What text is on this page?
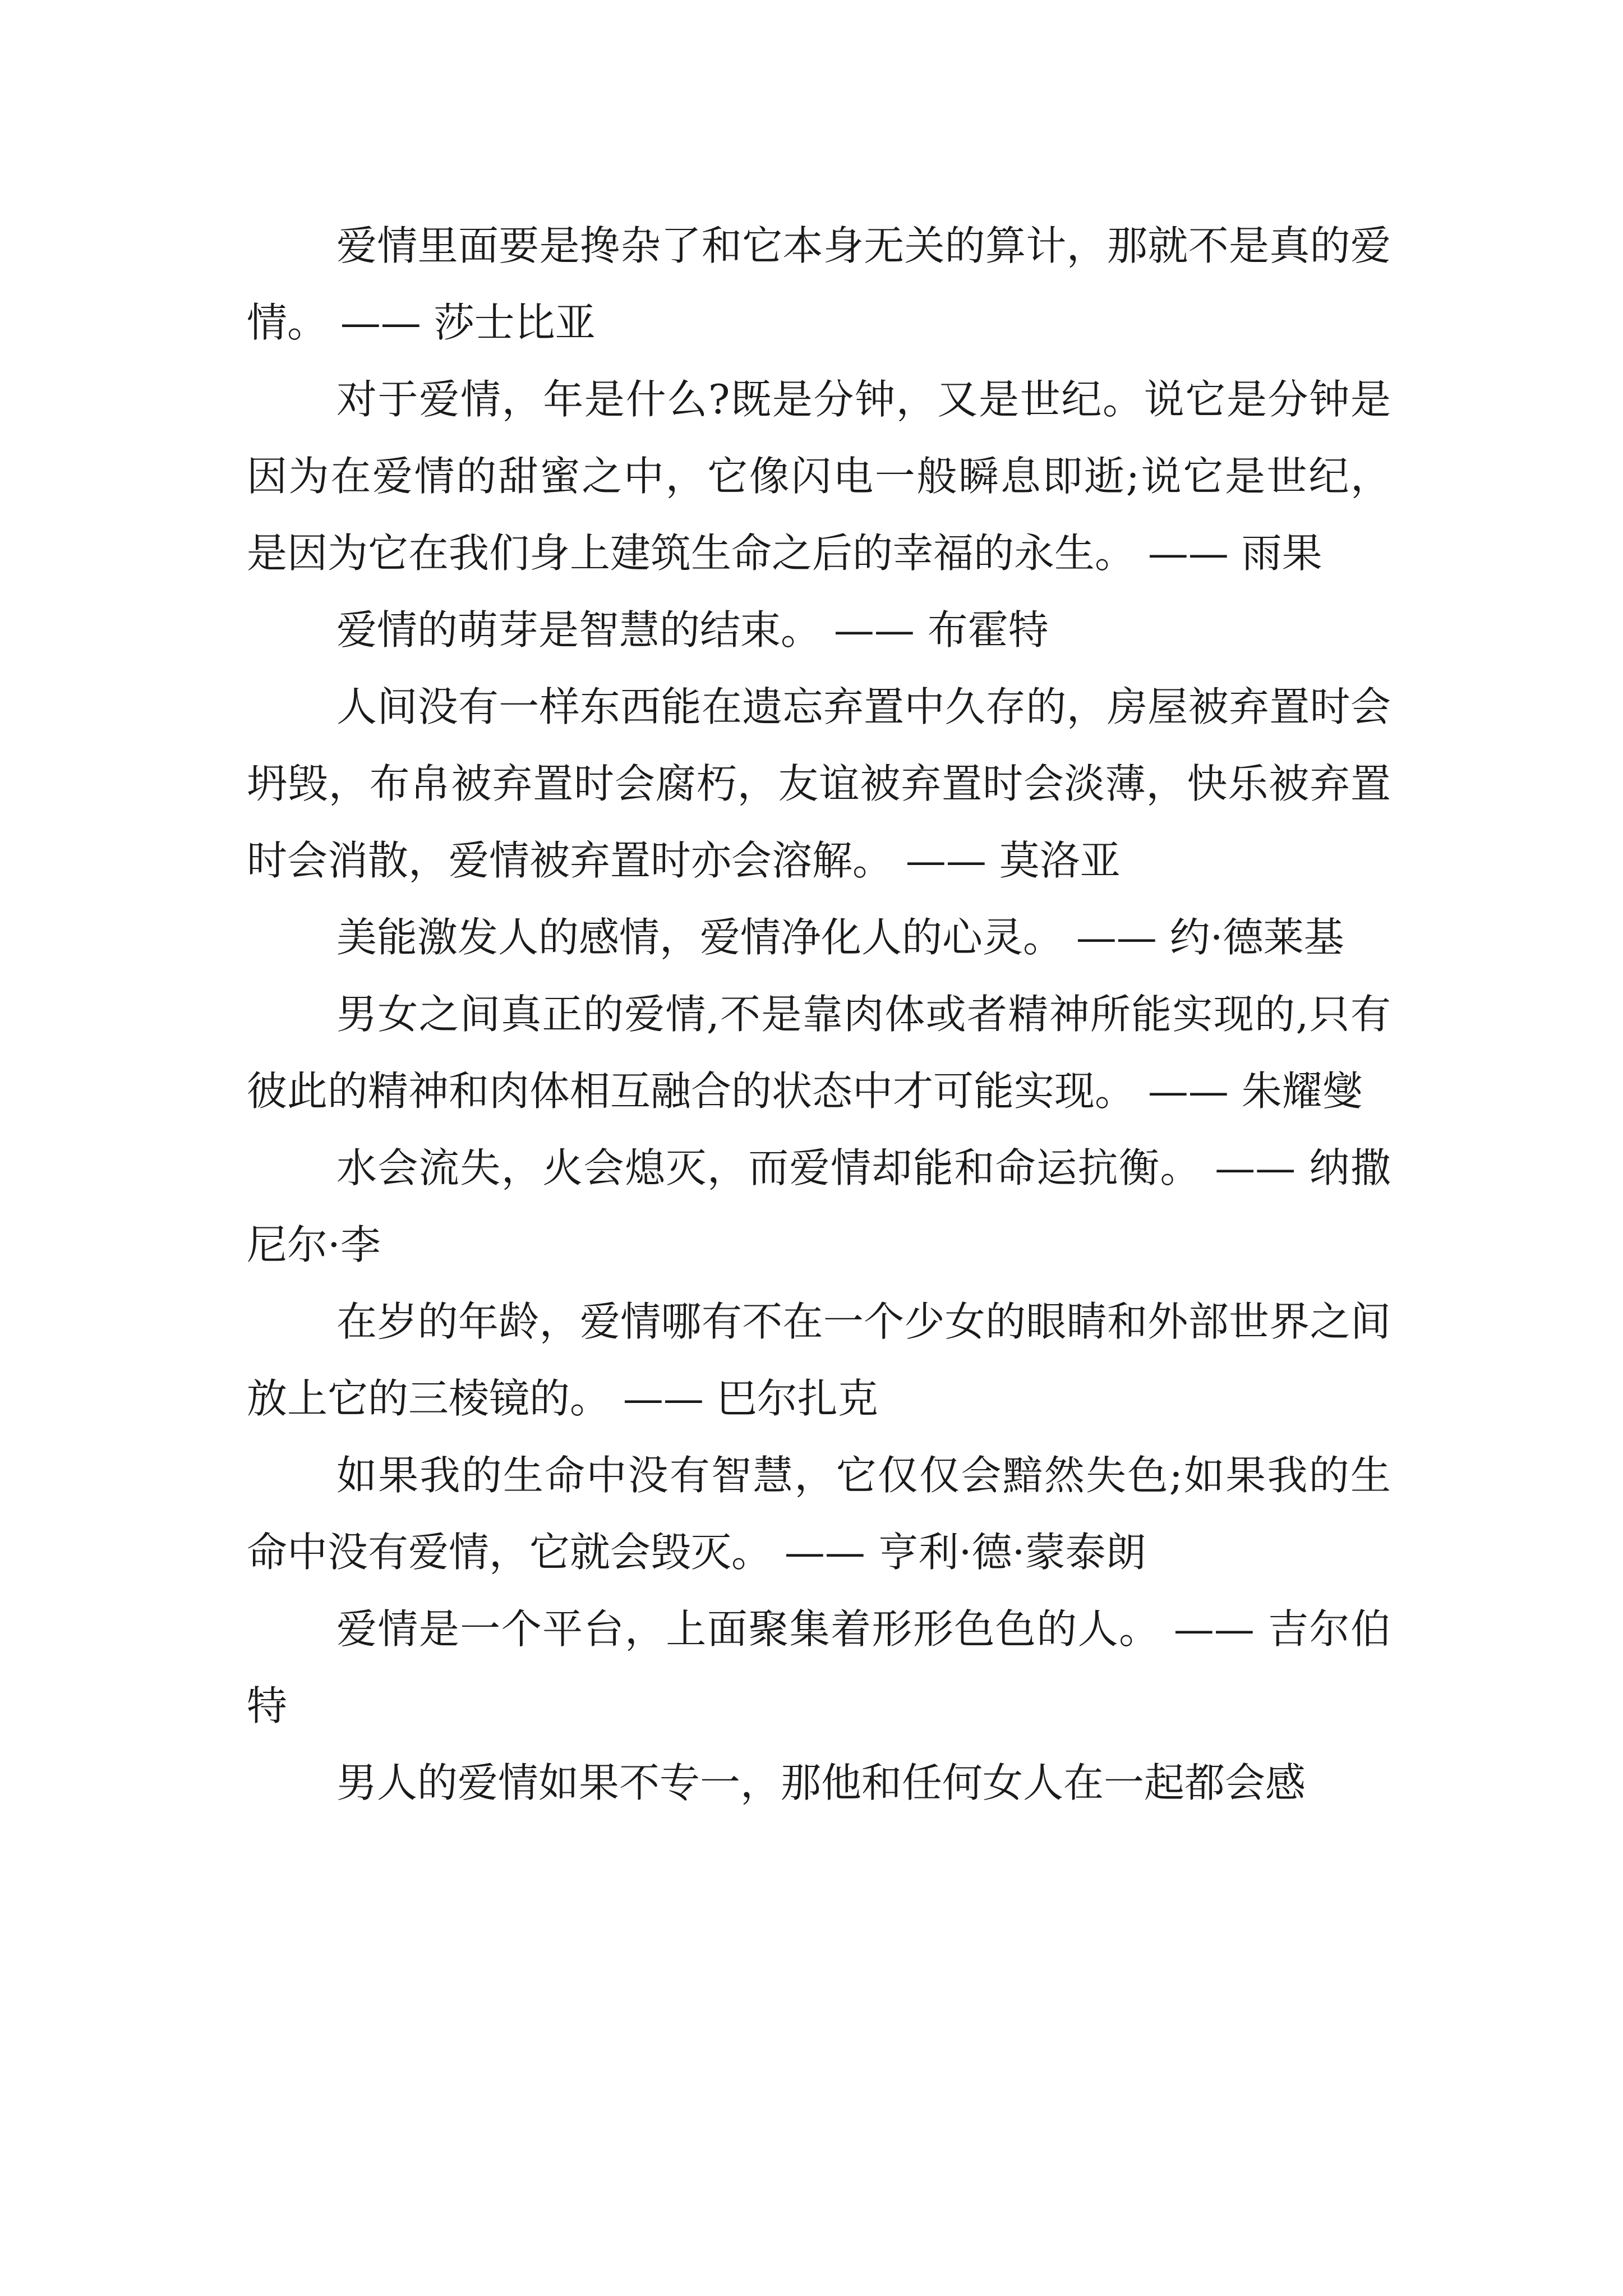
爱情里面要是搀杂了和它本身无关的算计，那就不是真的爱情。 —— 莎士比亚

对于爱情，年是什么?既是分钟，又是世纪。说它是分钟是因为在爱情的甜蜜之中，它像闪电一般瞬息即逝;说它是世纪，是因为它在我们身上建筑生命之后的幸福的永生。 —— 雨果

爱情的萌芽是智慧的结束。 —— 布霍特

人间没有一样东西能在遗忘弃置中久存的，房屋被弃置时会坍毁，布帛被弃置时会腐朽，友谊被弃置时会淡薄，快乐被弃置时会消散，爱情被弃置时亦会溶解。 —— 莫洛亚

美能激发人的感情，爱情净化人的心灵。 —— 约·德莱基

男女之间真正的爱情,不是靠肉体或者精神所能实现的,只有彼此的精神和肉体相互融合的状态中才可能实现。 —— 朱耀燮

水会流失，火会熄灭，而爱情却能和命运抗衡。 —— 纳撒尼尔·李

在岁的年龄，爱情哪有不在一个少女的眼睛和外部世界之间放上它的三棱镜的。 —— 巴尔扎克

如果我的生命中没有智慧，它仅仅会黯然失色;如果我的生命中没有爱情，它就会毁灭。 —— 亨利·德·蒙泰朗

爱情是一个平台，上面聚集着形形色色的人。 —— 吉尔伯特

男人的爱情如果不专一，那他和任何女人在一起都会感
